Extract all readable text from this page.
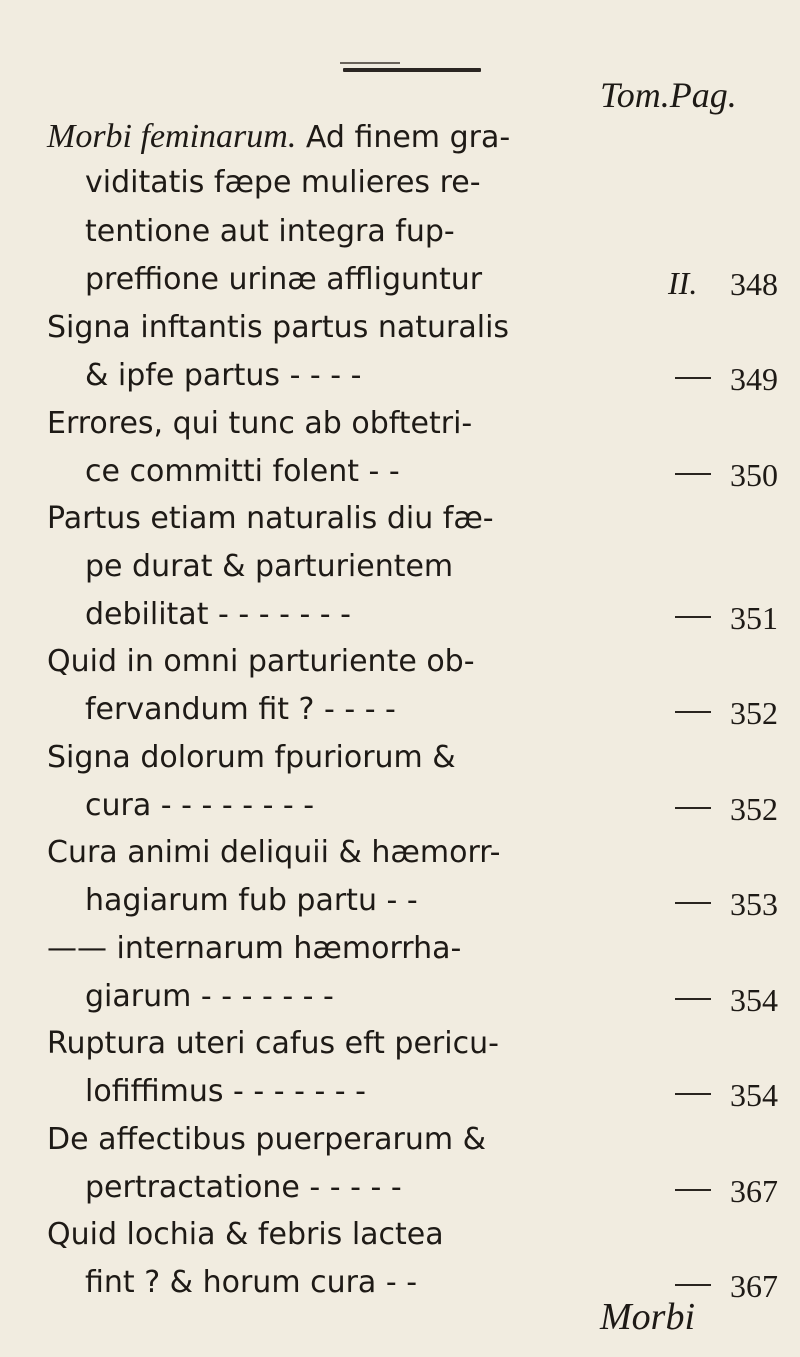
Tom.Pag.
Morbi feminarum. Ad finem gra-
viditatis fæpe mulieres re-
tentione aut integra fup-
preffione urinæ affliguntur	II. 348
Signa inftantis partus naturalis
& ipfe partus - - - -	349
Errores, qui tunc ab obftetri-
ce committi folent - -	350
Partus etiam naturalis diu fæ-
pe durat & parturientem
debilitat - - - - - - -	351
Quid in omni parturiente ob-
fervandum fit ? - - - -	352
Signa dolorum fpuriorum &
cura - - - - - - - -	352
Cura animi deliquii & hæmorr-
hagiarum fub partu - -	353
—— internarum hæmorrha-
giarum - - - - - - -	354
Ruptura uteri cafus eft pericu-
lofiffimus - - - - - - -	354
De affectibus puerperarum &
pertractatione - - - - -	367
Quid lochia & febris lactea
fint ? & horum cura - -	367
Morbi
